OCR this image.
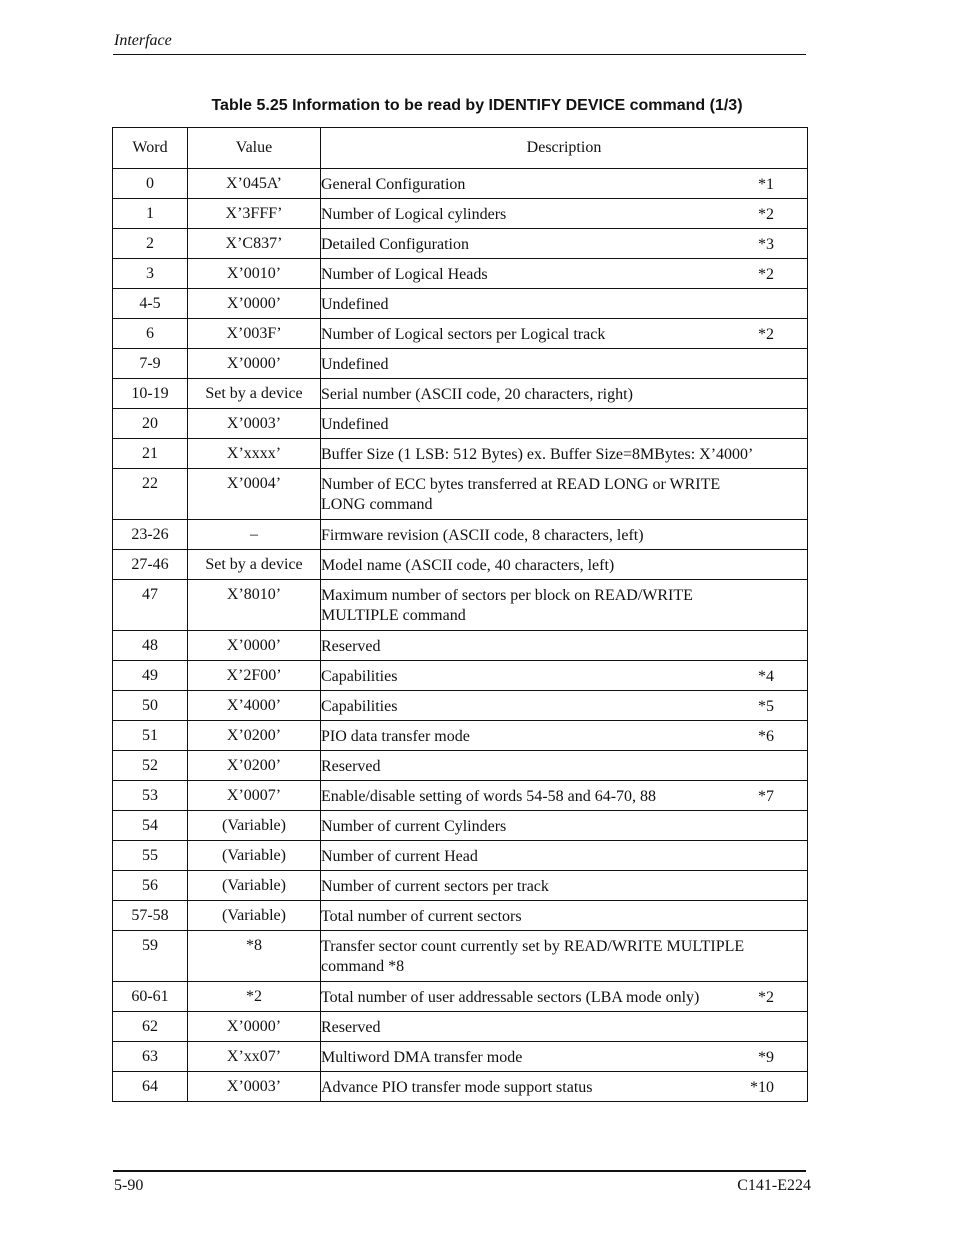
Interface
Table 5.25 Information to be read by IDENTIFY DEVICE command (1/3)
Word	Value	Description
0	X’045A’	General Configuration *1

1	X’3FFF’	Number of Logical cylinders *2

2	X’C837’	Detailed Configuration *3

3	X’0010’	Number of Logical Heads *2

4-5	X’0000’	Undefined

6	X’003F’	Number of Logical sectors per Logical track *2

7-9	X’0000’	Undefined

10-19	Set by a device	Serial number (ASCII code, 20 characters, right)

20	X’0003’	Undefined

21	X’xxxx’	Buffer Size (1 LSB: 512 Bytes) ex. Buffer Size=8MBytes: X’4000’

22	X’0004’	Number of ECC bytes transferred at READ LONG or WRITE LONG command

23-26	–	Firmware revision (ASCII code, 8 characters, left)

27-46	Set by a device	Model name (ASCII code, 40 characters, left)

47	X’8010’	Maximum number of sectors per block on READ/WRITE MULTIPLE command

48	X’0000’	Reserved

49	X’2F00’	Capabilities *4

50	X’4000’	Capabilities *5

51	X’0200’	PIO data transfer mode *6

52	X’0200’	Reserved

53	X’0007’	Enable/disable setting of words 54-58 and 64-70, 88 *7

54	(Variable)	Number of current Cylinders

55	(Variable)	Number of current Head

56	(Variable)	Number of current sectors per track

57-58	(Variable)	Total number of current sectors

59	*8	Transfer sector count currently set by READ/WRITE MULTIPLE command *8

60-61	*2	Total number of user addressable sectors (LBA mode only) *2

62	X’0000’	Reserved

63	X’xx07’	Multiword DMA transfer mode *9

64	X’0003’	Advance PIO transfer mode support status *10
5-90	C141-E224
